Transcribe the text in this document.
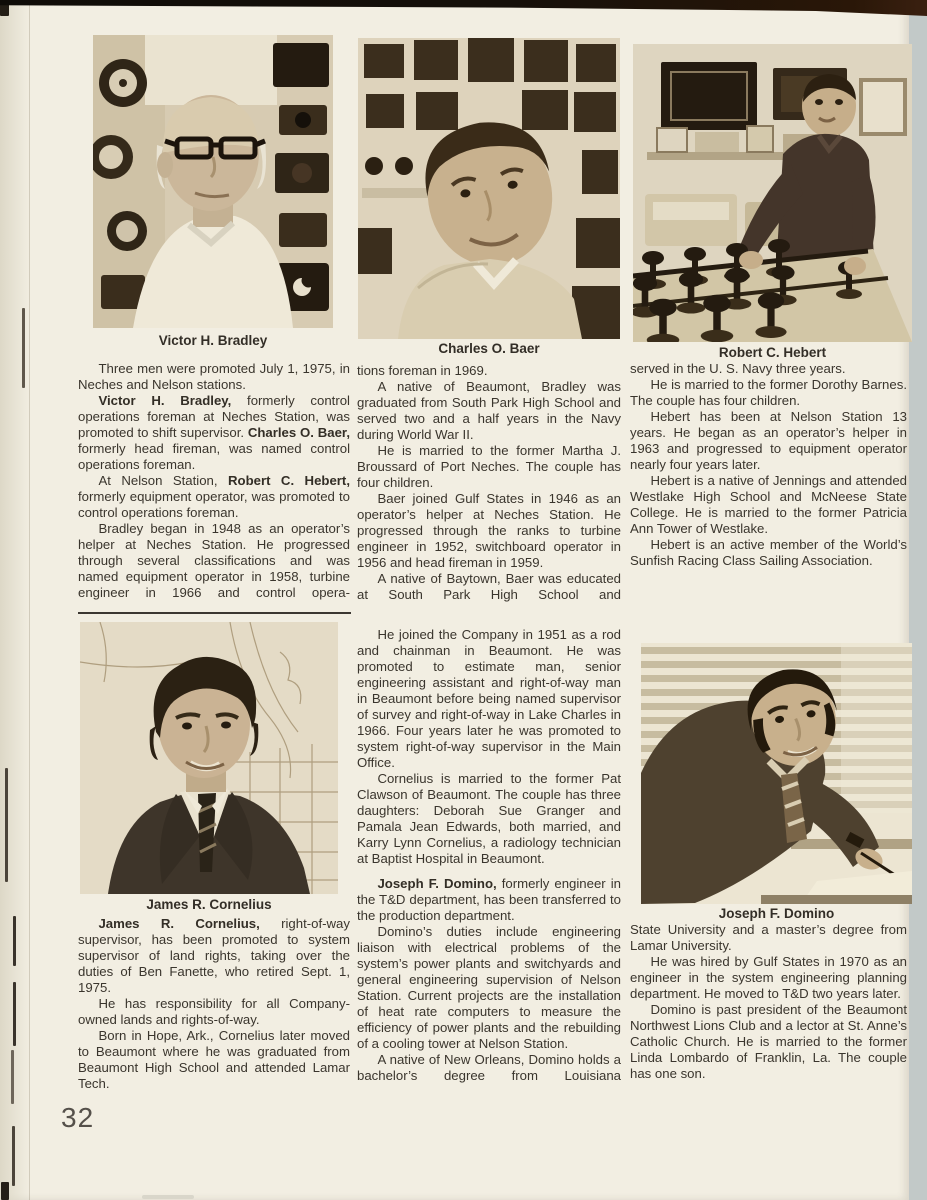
Victor H. Bradley
Charles O. Baer	Robert C. Hebert

Three men were promoted July 1, 1975, in Neches and Nelson stations.

Victor H. Bradley, formerly control operations foreman at Neches Station, was promoted to shift supervisor. Charles O. Baer, formerly head fireman, was named control operations foreman.

At Nelson Station, Robert C. Hebert, formerly equipment operator, was promoted to control operations foreman.

Bradley began in 1948 as an operator’s helper at Neches Station. He progressed through several classifications and was named equipment operator in 1958, turbine engineer in 1966 and control opera-

tions foreman in 1969.

A native of Beaumont, Bradley was graduated from South Park High School and served two and a half years in the Navy during World War II.

He is married to the former Martha J. Broussard of Port Neches. The couple has four children.

Baer joined Gulf States in 1946 as an operator’s helper at Neches Station. He progressed through the ranks to turbine engineer in 1952, switchboard operator in 1956 and head fireman in 1959.

A native of Baytown, Baer was educated at South Park High School and

served in the U. S. Navy three years.

He is married to the former Dorothy Barnes. The couple has four children.

Hebert has been at Nelson Station 13 years. He began as an operator’s helper in 1963 and progressed to equipment operator nearly four years later.

Hebert is a native of Jennings and attended Westlake High School and McNeese State College. He is married to the former Patricia Ann Tower of Westlake.

Hebert is an active member of the World’s Sunfish Racing Class Sailing Association.

James R. Cornelius
Joseph F. Domino

James R. Cornelius, right-of-way supervisor, has been promoted to system supervisor of land rights, taking over the duties of Ben Fanette, who retired Sept. 1, 1975.

He has responsibility for all Company-owned lands and rights-of-way.

Born in Hope, Ark., Cornelius later moved to Beaumont where he was graduated from Beaumont High School and attended Lamar Tech.

He joined the Company in 1951 as a rod and chainman in Beaumont. He was promoted to estimate man, senior engineering assistant and right-of-way man in Beaumont before being named supervisor of survey and right-of-way in Lake Charles in 1966. Four years later he was promoted to system right-of-way supervisor in the Main Office.

Cornelius is married to the former Pat Clawson of Beaumont. The couple has three daughters: Deborah Sue Granger and Pamala Jean Edwards, both married, and Karry Lynn Cornelius, a radiology technician at Baptist Hospital in Beaumont.

Joseph F. Domino, formerly engineer in the T&D department, has been transferred to the production department.

Domino’s duties include engineering liaison with electrical problems of the system’s power plants and switchyards and general engineering supervision of Nelson Station. Current projects are the installation of heat rate computers to measure the efficiency of power plants and the rebuilding of a cooling tower at Nelson Station.

A native of New Orleans, Domino holds a bachelor’s degree from Louisiana

State University and a master’s degree from Lamar University.

He was hired by Gulf States in 1970 as an engineer in the system engineering planning department. He moved to T&D two years later.

Domino is past president of the Beaumont Northwest Lions Club and a lector at St. Anne’s Catholic Church. He is married to the former Linda Lombardo of Franklin, La. The couple has one son.

32
